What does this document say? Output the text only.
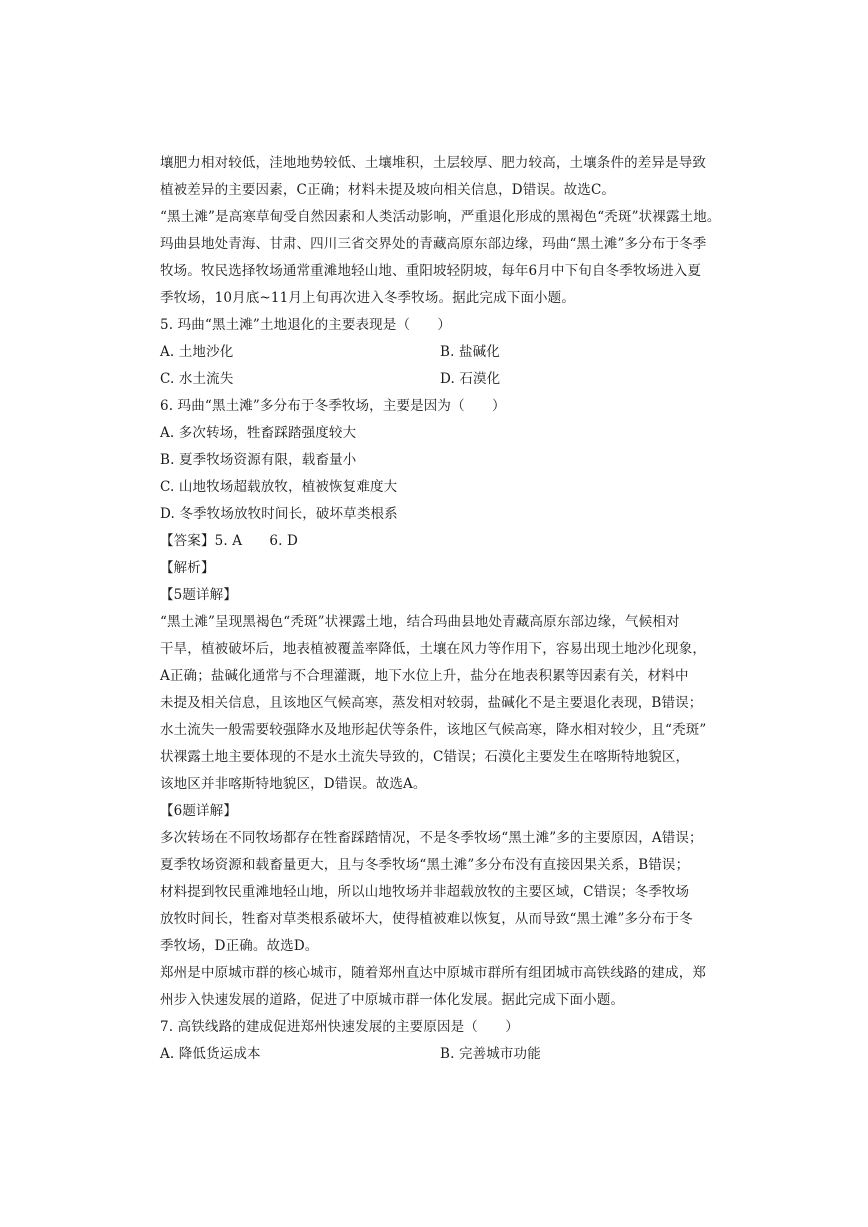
壤肥力相对较低，洼地地势较低、土壤堆积，土层较厚、肥力较高，土壤条件的差异是导致
植被差异的主要因素，C正确；材料未提及坡向相关信息，D错误。故选C。
“黑土滩”是高寒草甸受自然因素和人类活动影响，严重退化形成的黑褐色“秃斑”状裸露土地。
玛曲县地处青海、甘肃、四川三省交界处的青藏高原东部边缘，玛曲“黑土滩”多分布于冬季
牧场。牧民选择牧场通常重滩地轻山地、重阳坡轻阴坡，每年6月中下旬自冬季牧场进入夏
季牧场，10月底~11月上旬再次进入冬季牧场。据此完成下面小题。
5. 玛曲“黑土滩”土地退化的主要表现是（　　）
A. 土地沙化	B. 盐碱化
C. 水土流失	D. 石漠化
6. 玛曲“黑土滩”多分布于冬季牧场，主要是因为（　　）
A. 多次转场，牲畜踩踏强度较大
B. 夏季牧场资源有限，载畜量小
C. 山地牧场超载放牧，植被恢复难度大
D. 冬季牧场放牧时间长，破坏草类根系
【答案】5. A　　6. D
【解析】
【5题详解】
“黑土滩”呈现黑褐色“秃斑”状裸露土地，结合玛曲县地处青藏高原东部边缘，气候相对
干旱，植被破坏后，地表植被覆盖率降低，土壤在风力等作用下，容易出现土地沙化现象，
A正确；盐碱化通常与不合理灌溉，地下水位上升，盐分在地表积累等因素有关，材料中
未提及相关信息，且该地区气候高寒，蒸发相对较弱，盐碱化不是主要退化表现，B错误；
水土流失一般需要较强降水及地形起伏等条件，该地区气候高寒，降水相对较少，且“秃斑”
状裸露土地主要体现的不是水土流失导致的，C错误；石漠化主要发生在喀斯特地貌区，
该地区并非喀斯特地貌区，D错误。故选A。
【6题详解】
多次转场在不同牧场都存在牲畜踩踏情况，不是冬季牧场“黑土滩”多的主要原因，A错误；
夏季牧场资源和载畜量更大，且与冬季牧场“黑土滩”多分布没有直接因果关系，B错误；
材料提到牧民重滩地轻山地，所以山地牧场并非超载放牧的主要区域，C错误；冬季牧场
放牧时间长，牲畜对草类根系破坏大，使得植被难以恢复，从而导致“黑土滩”多分布于冬
季牧场，D正确。故选D。
郑州是中原城市群的核心城市，随着郑州直达中原城市群所有组团城市高铁线路的建成，郑
州步入快速发展的道路，促进了中原城市群一体化发展。据此完成下面小题。
7. 高铁线路的建成促进郑州快速发展的主要原因是（　　）
A. 降低货运成本	B. 完善城市功能
